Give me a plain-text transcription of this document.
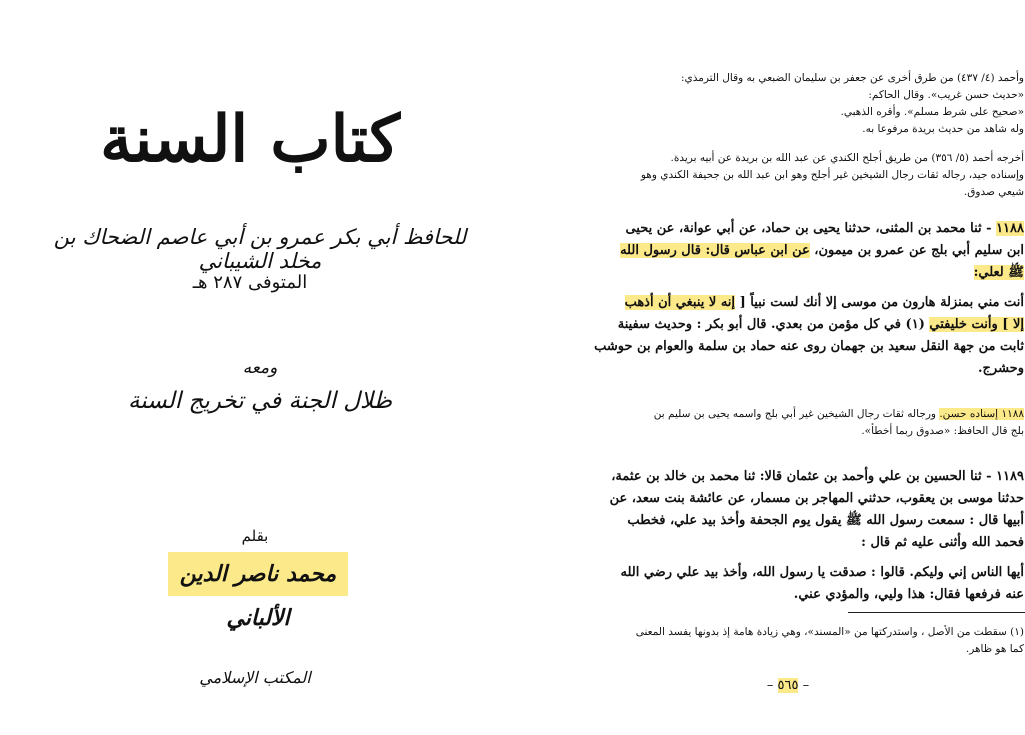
كتاب السنة
للحافظ أبي بكر عمرو بن أبي عاصم الضحاك بن مخلد الشيباني
المتوفى ٢٨٧ هـ
ومعه
ظلال الجنة في تخريج السنة
بقلم
محمد ناصر الدين الألباني
المكتب الإسلامي

وأحمد (٤/ ٤٣٧) من طرق أخرى عن جعفر بن سليمان الضبعي به وقال الترمذي:

«حديث حسن غريب». وقال الحاكم:

«صحيح على شرط مسلم». وأقره الذهبي.

وله شاهد من حديث بريدة مرفوعا به.

أخرجه أحمد (٥/ ٣٥٦) من طريق أجلح الكندي عن عبد الله بن بريدة عن أبيه بريدة.

وإسناده جيد، رجاله ثقات رجال الشيخين غير أجلح وهو ابن عبد الله بن جحيفة الكندي وهو

شيعي صدوق.

١١٨٨ - ثنا محمد بن المثنى، حدثنا يحيى بن حماد، عن أبي عوانة، عن يحيى

ابن سليم أبي بلج عن عمرو بن ميمون، عن ابن عباس قال: قال رسول الله

ﷺ لعلي:

أنت مني بمنزلة هارون من موسى إلا أنك لست نبياً [ إنه لا ينبغي أن أذهب

إلا ] وأنت خليفتي (١) في كل مؤمن من بعدي. قال أبو بكر : وحديث سفينة

ثابت من جهة النقل سعيد بن جهمان روى عنه حماد بن سلمة والعوام بن حوشب

وحشرج.

١١٨٨ إسناده حسن. ورجاله ثقات رجال الشيخين غير أبي بلج واسمه يحيى بن سليم بن

بلج قال الحافظ: «صدوق ربما أخطأ».

١١٨٩ - ثنا الحسين بن علي وأحمد بن عثمان قالا: ثنا محمد بن خالد بن عثمة،

حدثنا موسى بن يعقوب، حدثني المهاجر بن مسمار، عن عائشة بنت سعد، عن

أبيها قال : سمعت رسول الله ﷺ يقول يوم الجحفة وأخذ بيد علي، فخطب

فحمد الله وأثنى عليه ثم قال :

أيها الناس إني وليكم. قالوا : صدقت يا رسول الله، وأخذ بيد علي رضي الله

عنه فرفعها فقال: هذا وليي، والمؤدي عني.

(١) سقطت من الأصل ، واستدركتها من «المسند»، وهي زيادة هامة إذ بدونها يفسد المعنى

كما هو ظاهر.

– ٥٦٥ –
